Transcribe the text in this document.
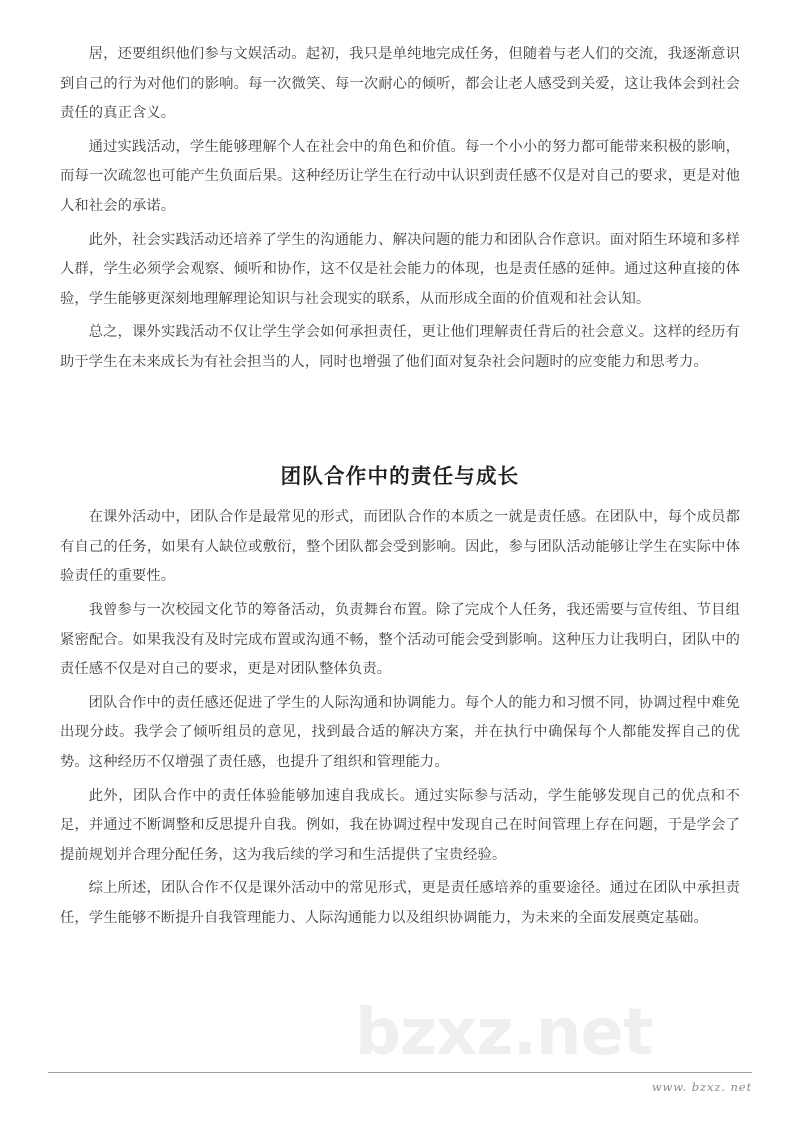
bzxz.net

居，还要组织他们参与文娱活动。起初，我只是单纯地完成任务，但随着与老人们的交流，我逐渐意识到自己的行为对他们的影响。每一次微笑、每一次耐心的倾听，都会让老人感受到关爱，这让我体会到社会责任的真正含义。

通过实践活动，学生能够理解个人在社会中的角色和价值。每一个小小的努力都可能带来积极的影响，而每一次疏忽也可能产生负面后果。这种经历让学生在行动中认识到责任感不仅是对自己的要求，更是对他人和社会的承诺。

此外，社会实践活动还培养了学生的沟通能力、解决问题的能力和团队合作意识。面对陌生环境和多样人群，学生必须学会观察、倾听和协作，这不仅是社会能力的体现，也是责任感的延伸。通过这种直接的体验，学生能够更深刻地理解理论知识与社会现实的联系，从而形成全面的价值观和社会认知。

总之，课外实践活动不仅让学生学会如何承担责任，更让他们理解责任背后的社会意义。这样的经历有助于学生在未来成长为有社会担当的人，同时也增强了他们面对复杂社会问题时的应变能力和思考力。

团队合作中的责任与成长

在课外活动中，团队合作是最常见的形式，而团队合作的本质之一就是责任感。在团队中，每个成员都有自己的任务，如果有人缺位或敷衍，整个团队都会受到影响。因此，参与团队活动能够让学生在实际中体验责任的重要性。

我曾参与一次校园文化节的筹备活动，负责舞台布置。除了完成个人任务，我还需要与宣传组、节目组紧密配合。如果我没有及时完成布置或沟通不畅，整个活动可能会受到影响。这种压力让我明白，团队中的责任感不仅是对自己的要求，更是对团队整体负责。

团队合作中的责任感还促进了学生的人际沟通和协调能力。每个人的能力和习惯不同，协调过程中难免出现分歧。我学会了倾听组员的意见，找到最合适的解决方案，并在执行中确保每个人都能发挥自己的优势。这种经历不仅增强了责任感，也提升了组织和管理能力。

此外，团队合作中的责任体验能够加速自我成长。通过实际参与活动，学生能够发现自己的优点和不足，并通过不断调整和反思提升自我。例如，我在协调过程中发现自己在时间管理上存在问题，于是学会了提前规划并合理分配任务，这为我后续的学习和生活提供了宝贵经验。

综上所述，团队合作不仅是课外活动中的常见形式，更是责任感培养的重要途径。通过在团队中承担责任，学生能够不断提升自我管理能力、人际沟通能力以及组织协调能力，为未来的全面发展奠定基础。

www. bzxz. net
